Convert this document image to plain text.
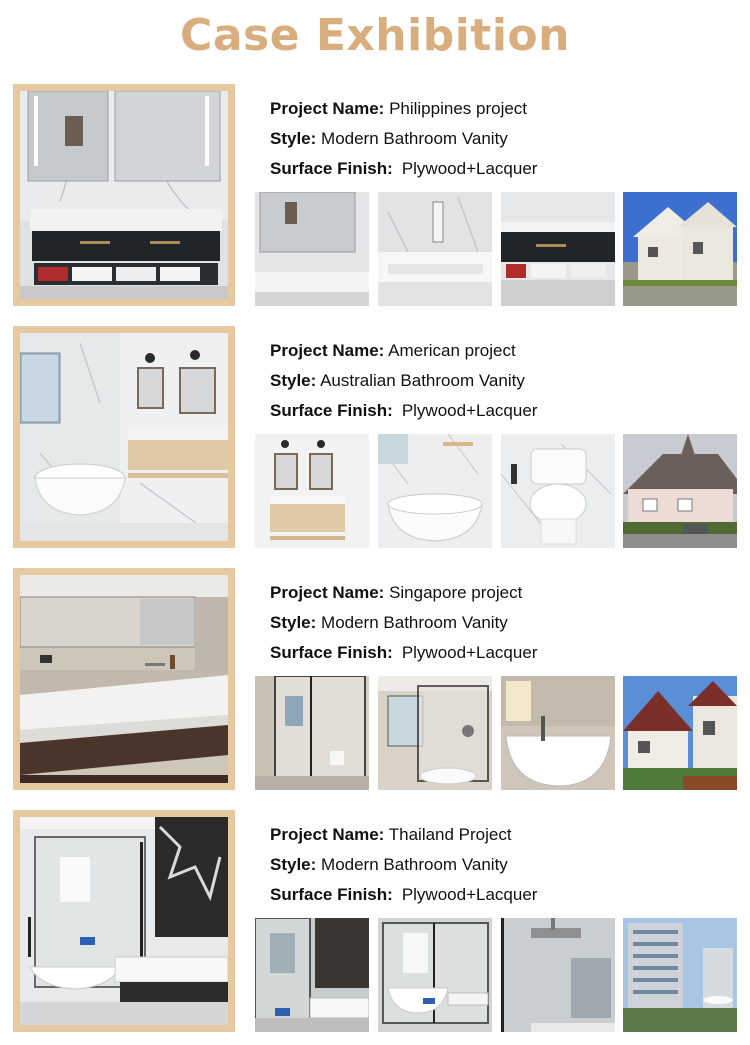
Case Exhibition
Project Name: Philippines project
Style: Modern Bathroom Vanity
Surface Finish: Plywood+Lacquer
Project Name: American project
Style: Australian Bathroom Vanity
Surface Finish: Plywood+Lacquer
Project Name: Singapore project
Style: Modern Bathroom Vanity
Surface Finish: Plywood+Lacquer
Project Name: Thailand Project
Style: Modern Bathroom Vanity
Surface Finish: Plywood+Lacquer
